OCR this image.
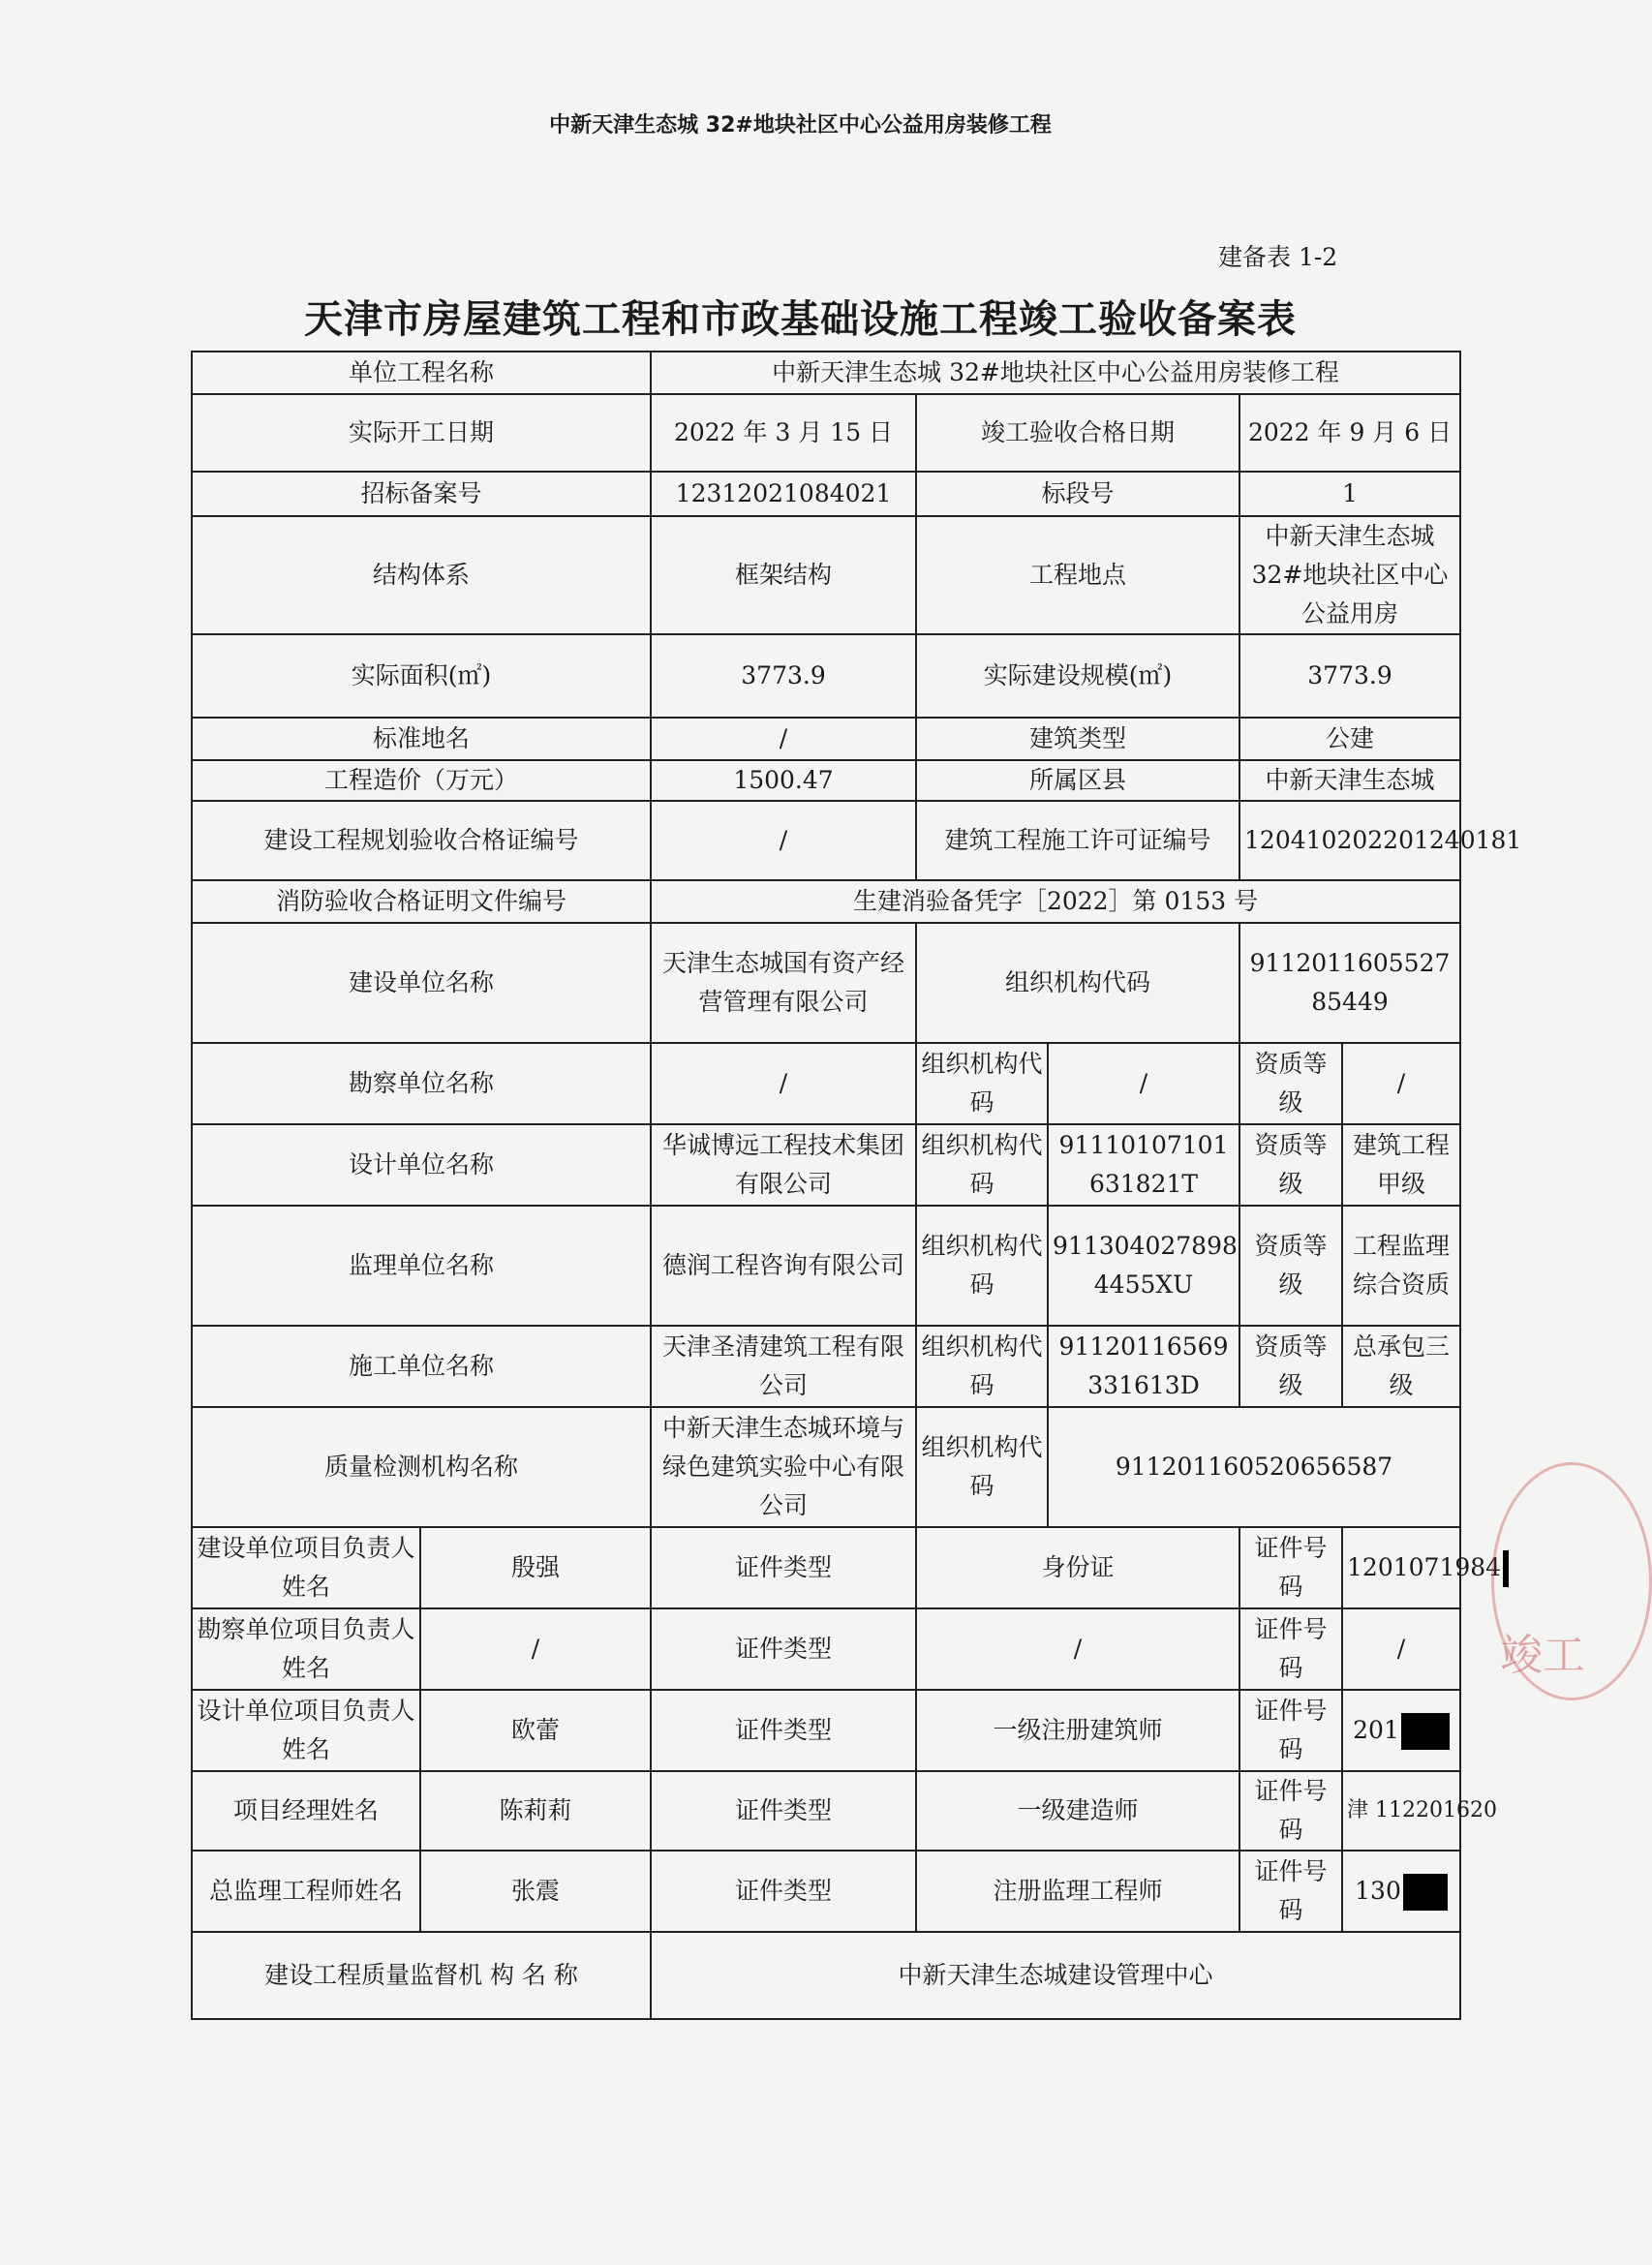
中新天津生态城 32#地块社区中心公益用房装修工程
建备表 1-2
天津市房屋建筑工程和市政基础设施工程竣工验收备案表
单位工程名称		中新天津生态城 32#地块社区中心公益用房装修工程				
实际开工日期		2022 年 3 月 15 日	竣工验收合格日期		2022 年 9 月 6 日	
招标备案号		12312021084021	标段号		1	
结构体系		框架结构	工程地点		中新天津生态城 32#地块社区中心公益用房	
实际面积(㎡)		3773.9	实际建设规模(㎡)		3773.9	
标准地名		/	建筑类型		公建	
工程造价（万元）		1500.47	所属区县		中新天津生态城	
建设工程规划验收合格证编号		/	建筑工程施工许可证编号		120410202201240181	
消防验收合格证明文件编号		生建消验备凭字［2022］第 0153 号				
建设单位名称		天津生态城国有资产经营管理有限公司	组织机构代码		911201160552785449	
勘察单位名称		/	组织机构代码	/	资质等级	/
设计单位名称		华诚博远工程技术集团有限公司	组织机构代码	91110107101631821T	资质等级	建筑工程甲级
监理单位名称		德润工程咨询有限公司	组织机构代码	911304027898 4455XU	资质等级	工程监理综合资质
施工单位名称		天津圣清建筑工程有限公司	组织机构代码	91120116569331613D	资质等级	总承包三级
质量检测机构名称		中新天津生态城环境与绿色建筑实验中心有限公司	组织机构代码	911201160520656587		
建设单位项目负责人姓名	殷强	证件类型	身份证		证件号码	1201071984
勘察单位项目负责人姓名	/	证件类型	/		证件号码	/
设计单位项目负责人姓名	欧蕾	证件类型	一级注册建筑师		证件号码	201
项目经理姓名	陈莉莉	证件类型	一级建造师		证件号码	津 112201620
总监理工程师姓名	张震	证件类型	注册监理工程师		证件号码	130
建设工程质量监督机 构 名 称		中新天津生态城建设管理中心				
竣工
